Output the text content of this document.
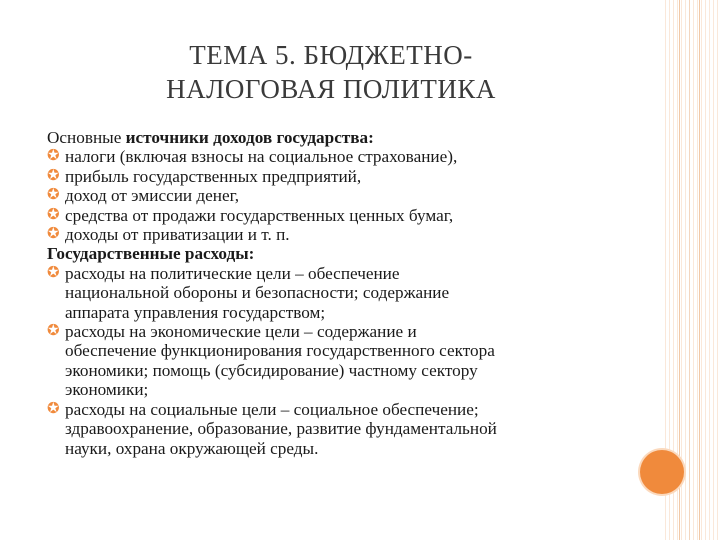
ТЕМА 5. БЮДЖЕТНО-
НАЛОГОВАЯ ПОЛИТИКА
Основные источники доходов государства:
✪ налоги (включая взносы на социальное страхование),
✪ прибыль государственных предприятий,
✪ доход от эмиссии денег,
✪ средства от продажи государственных ценных бумаг,
✪ доходы от приватизации и т. п.
Государственные расходы:
✪ расходы на политические цели – обеспечение
национальной обороны и безопасности; содержание
аппарата управления государством;
✪ расходы на экономические цели – содержание и
обеспечение функционирования государственного сектора
экономики; помощь (субсидирование) частному сектору
экономики;
✪ расходы на социальные цели – социальное обеспечение;
здравоохранение, образование, развитие фундаментальной
науки, охрана окружающей среды.
